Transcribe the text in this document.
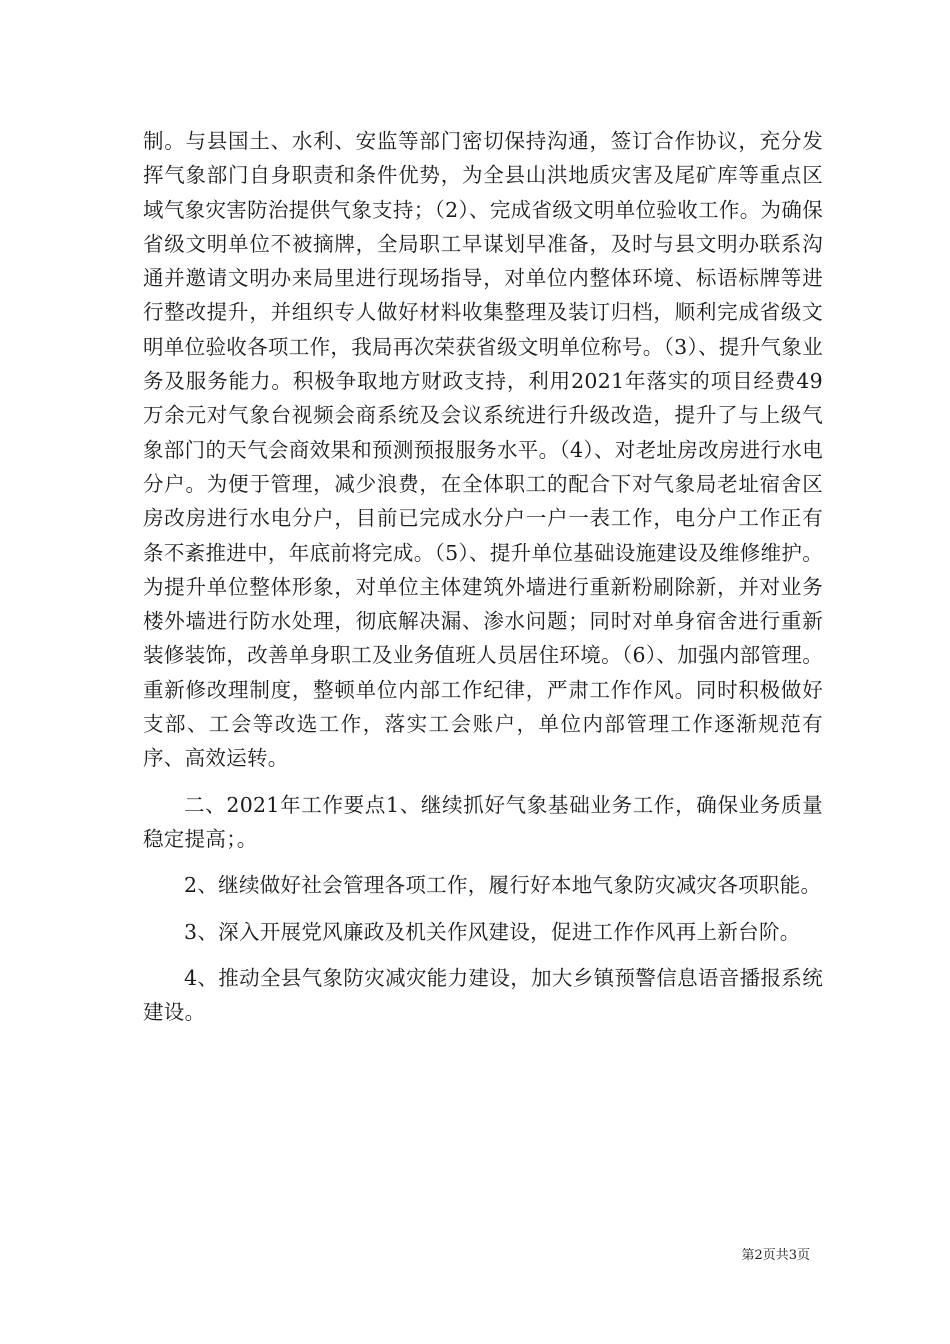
制。与县国土、水利、安监等部门密切保持沟通，签订合作协议，充分发挥气象部门自身职责和条件优势，为全县山洪地质灾害及尾矿库等重点区域气象灾害防治提供气象支持；（2）、完成省级文明单位验收工作。为确保省级文明单位不被摘牌，全局职工早谋划早准备，及时与县文明办联系沟通并邀请文明办来局里进行现场指导，对单位内整体环境、标语标牌等进行整改提升，并组织专人做好材料收集整理及装订归档，顺利完成省级文明单位验收各项工作，我局再次荣获省级文明单位称号。（3）、提升气象业务及服务能力。积极争取地方财政支持，利用2021年落实的项目经费49万余元对气象台视频会商系统及会议系统进行升级改造，提升了与上级气象部门的天气会商效果和预测预报服务水平。（4）、对老址房改房进行水电分户。为便于管理，减少浪费，在全体职工的配合下对气象局老址宿舍区房改房进行水电分户，目前已完成水分户一户一表工作，电分户工作正有条不紊推进中，年底前将完成。（5）、提升单位基础设施建设及维修维护。为提升单位整体形象，对单位主体建筑外墙进行重新粉刷除新，并对业务楼外墙进行防水处理，彻底解决漏、渗水问题；同时对单身宿舍进行重新装修装饰，改善单身职工及业务值班人员居住环境。（6）、加强内部管理。重新修改理制度，整顿单位内部工作纪律，严肃工作作风。同时积极做好支部、工会等改选工作，落实工会账户，单位内部管理工作逐渐规范有序、高效运转。

二、2021年工作要点1、继续抓好气象基础业务工作，确保业务质量稳定提高；。

2、继续做好社会管理各项工作，履行好本地气象防灾减灾各项职能。

3、深入开展党风廉政及机关作风建设，促进工作作风再上新台阶。

4、推动全县气象防灾减灾能力建设，加大乡镇预警信息语音播报系统建设。

第2页共3页
